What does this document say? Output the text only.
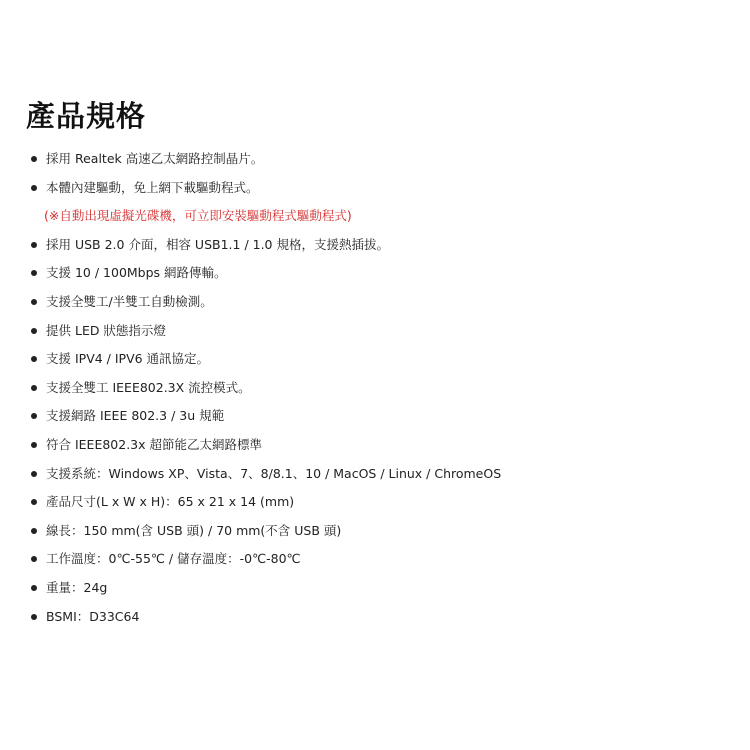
產品規格
採用 Realtek 高速乙太網路控制晶片。
本體內建驅動，免上網下載驅動程式。
(※自動出現虛擬光碟機，可立即安裝驅動程式驅動程式)
採用 USB 2.0 介面，相容 USB1.1 / 1.0 規格，支援熱插拔。
支援 10 / 100Mbps 網路傳輸。
支援全雙工/半雙工自動檢測。
提供 LED 狀態指示燈
支援 IPV4 / IPV6 通訊協定。
支援全雙工 IEEE802.3X 流控模式。
支援網路 IEEE 802.3 / 3u 規範
符合 IEEE802.3x 超節能乙太網路標準
支援系統：Windows XP、Vista、7、8/8.1、10 / MacOS / Linux / ChromeOS
產品尺寸(L x W x H)：65 x 21 x 14 (mm)
線長：150 mm(含 USB 頭) / 70 mm(不含 USB 頭)
工作溫度：0℃-55℃ / 儲存溫度：-0℃-80℃
重量：24g
BSMI：D33C64
